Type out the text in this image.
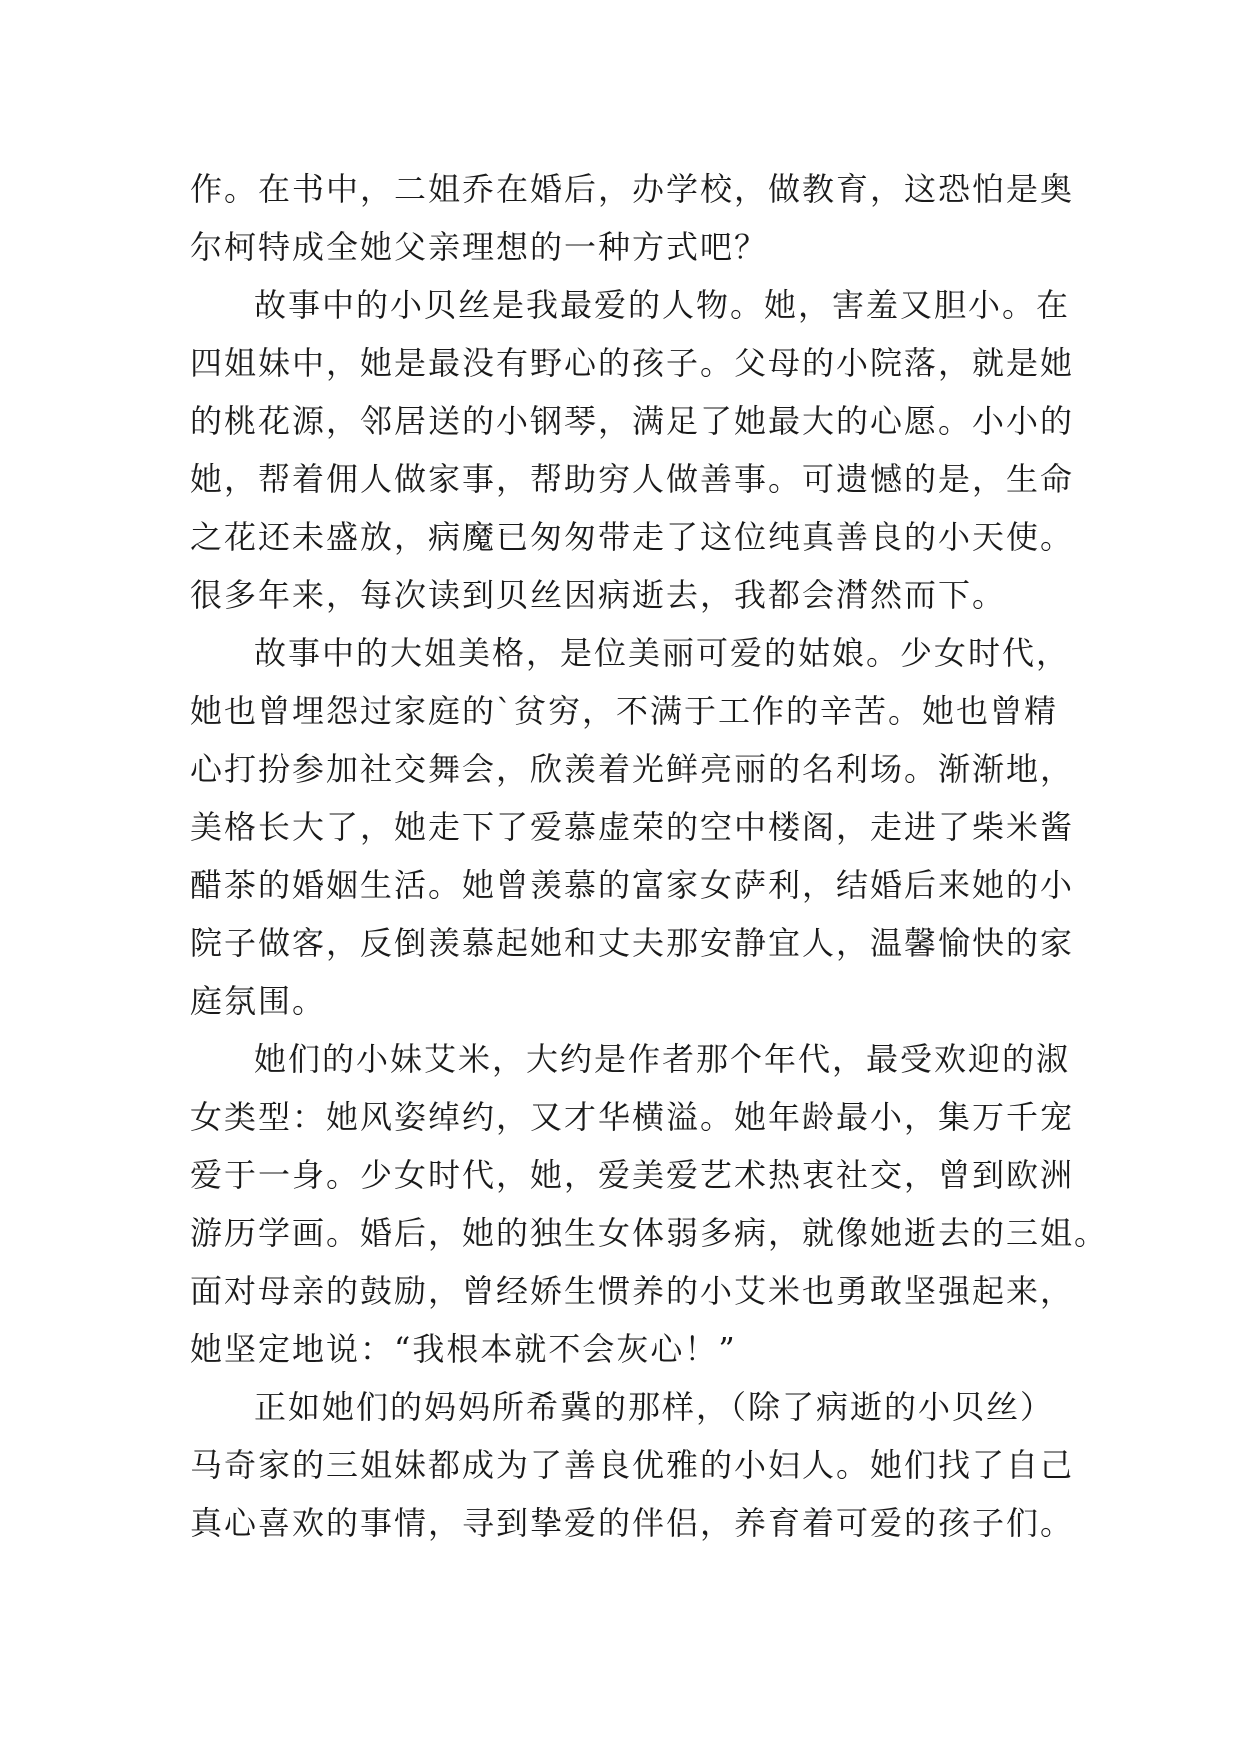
作。在书中，二姐乔在婚后，办学校，做教育，这恐怕是奥
尔柯特成全她父亲理想的一种方式吧？
故事中的小贝丝是我最爱的人物。她，害羞又胆小。在
四姐妹中，她是最没有野心的孩子。父母的小院落，就是她
的桃花源，邻居送的小钢琴，满足了她最大的心愿。小小的
她，帮着佣人做家事，帮助穷人做善事。可遗憾的是，生命
之花还未盛放，病魔已匆匆带走了这位纯真善良的小天使。
很多年来，每次读到贝丝因病逝去，我都会潸然而下。
故事中的大姐美格，是位美丽可爱的姑娘。少女时代，
她也曾埋怨过家庭的`贫穷，不满于工作的辛苦。她也曾精
心打扮参加社交舞会，欣羡着光鲜亮丽的名利场。渐渐地，
美格长大了，她走下了爱慕虚荣的空中楼阁，走进了柴米酱
醋茶的婚姻生活。她曾羡慕的富家女萨利，结婚后来她的小
院子做客，反倒羡慕起她和丈夫那安静宜人，温馨愉快的家
庭氛围。
她们的小妹艾米，大约是作者那个年代，最受欢迎的淑
女类型：她风姿绰约，又才华横溢。她年龄最小，集万千宠
爱于一身。少女时代，她，爱美爱艺术热衷社交，曾到欧洲
游历学画。婚后，她的独生女体弱多病，就像她逝去的三姐。
面对母亲的鼓励，曾经娇生惯养的小艾米也勇敢坚强起来，
她坚定地说：“我根本就不会灰心！”
正如她们的妈妈所希冀的那样，（除了病逝的小贝丝）
马奇家的三姐妹都成为了善良优雅的小妇人。她们找了自己
真心喜欢的事情，寻到挚爱的伴侣，养育着可爱的孩子们。
